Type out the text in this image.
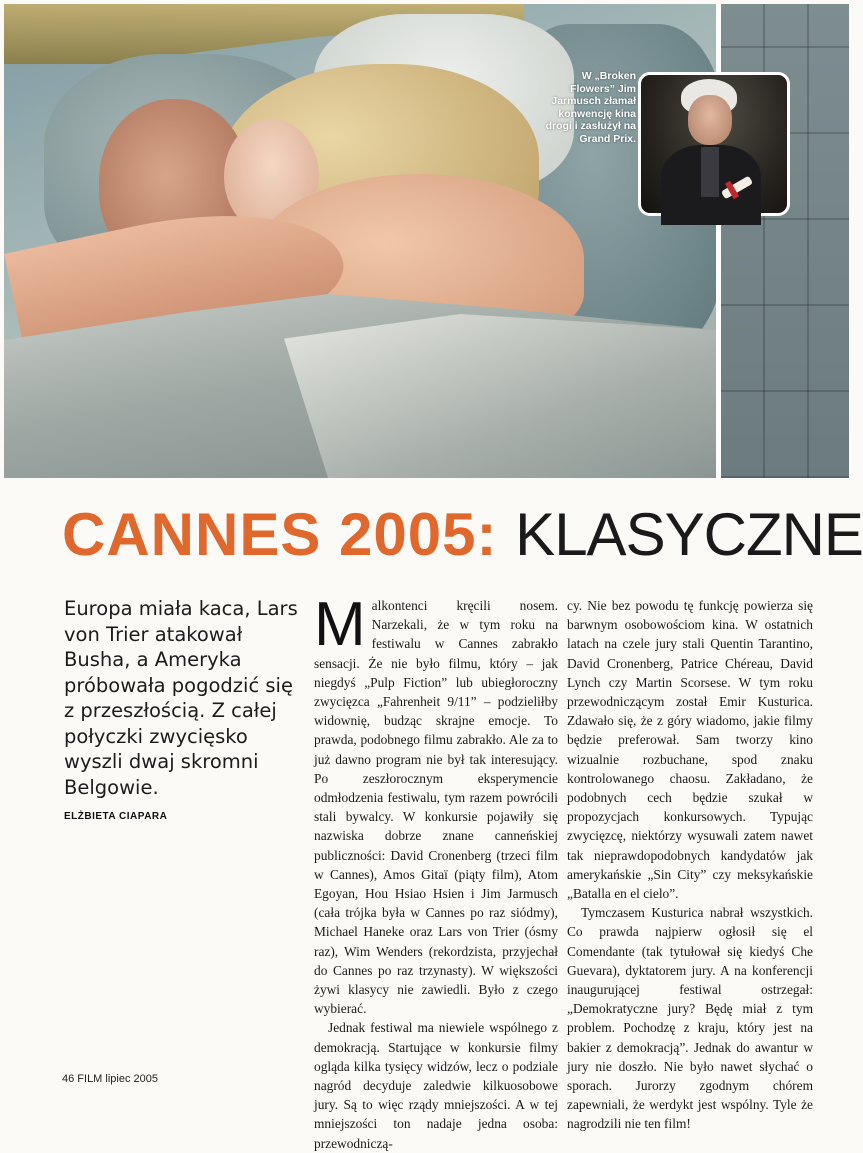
W „Broken Flowers” Jim Jarmusch złamał konwencję kina drogi i zasłużył na Grand Prix.
CANNES 2005: KLASYCZNE
Europa miała kaca, Lars von Trier atakował Busha, a Ameryka próbowała pogodzić się z przeszłością. Z całej połyczki zwycięsko wyszli dwaj skromni Belgowie.
ELŻBIETA CIAPARA

Malkontenci kręcili nosem. Narzekali, że w tym roku na festiwalu w Cannes zabrakło sensacji. Że nie było filmu, który – jak niegdyś „Pulp Fiction” lub ubiegłoroczny zwycięzca „Fahrenheit 9/11” – podzieliłby widownię, budząc skrajne emocje. To prawda, podobnego filmu zabrakło. Ale za to już dawno program nie był tak interesujący. Po zeszłorocznym eksperymencie odmłodzenia festiwalu, tym razem powrócili stali bywalcy. W konkursie pojawiły się nazwiska dobrze znane canneńskiej publiczności: David Cronenberg (trzeci film w Cannes), Amos Gitaï (piąty film), Atom Egoyan, Hou Hsiao Hsien i Jim Jarmusch (cała trójka była w Cannes po raz siódmy), Michael Haneke oraz Lars von Trier (ósmy raz), Wim Wenders (rekordzista, przyjechał do Cannes po raz trzynasty). W większości żywi klasycy nie zawiedli. Było z czego wybierać.

Jednak festiwal ma niewiele wspólnego z demokracją. Startujące w konkursie filmy ogląda kilka tysięcy widzów, lecz o podziale nagród decyduje zaledwie kilkuosobowe jury. Są to więc rządy mniejszości. A w tej mniejszości ton nadaje jedna osoba: przewodniczą-

cy. Nie bez powodu tę funkcję powierza się barwnym osobowościom kina. W ostatnich latach na czele jury stali Quentin Tarantino, David Cronenberg, Patrice Chéreau, David Lynch czy Martin Scorsese. W tym roku przewodniczącym został Emir Kusturica. Zdawało się, że z góry wiadomo, jakie filmy będzie preferował. Sam tworzy kino wizualnie rozbuchane, spod znaku kontrolowanego chaosu. Zakładano, że podobnych cech będzie szukał w propozycjach konkursowych. Typując zwycięzcę, niektórzy wysuwali zatem nawet tak nieprawdopodobnych kandydatów jak amerykańskie „Sin City” czy meksykańskie „Batalla en el cielo”.

Tymczasem Kusturica nabrał wszystkich. Co prawda najpierw ogłosił się el Comendante (tak tytułował się kiedyś Che Guevara), dyktatorem jury. A na konferencji inaugurującej festiwal ostrzegał: „Demokratyczne jury? Będę miał z tym problem. Pochodzę z kraju, który jest na bakier z demokracją”. Jednak do awantur w jury nie doszło. Nie było nawet słychać o sporach. Jurorzy zgodnym chórem zapewniali, że werdykt jest wspólny. Tyle że nagrodzili nie ten film!

46 FILM lipiec 2005
